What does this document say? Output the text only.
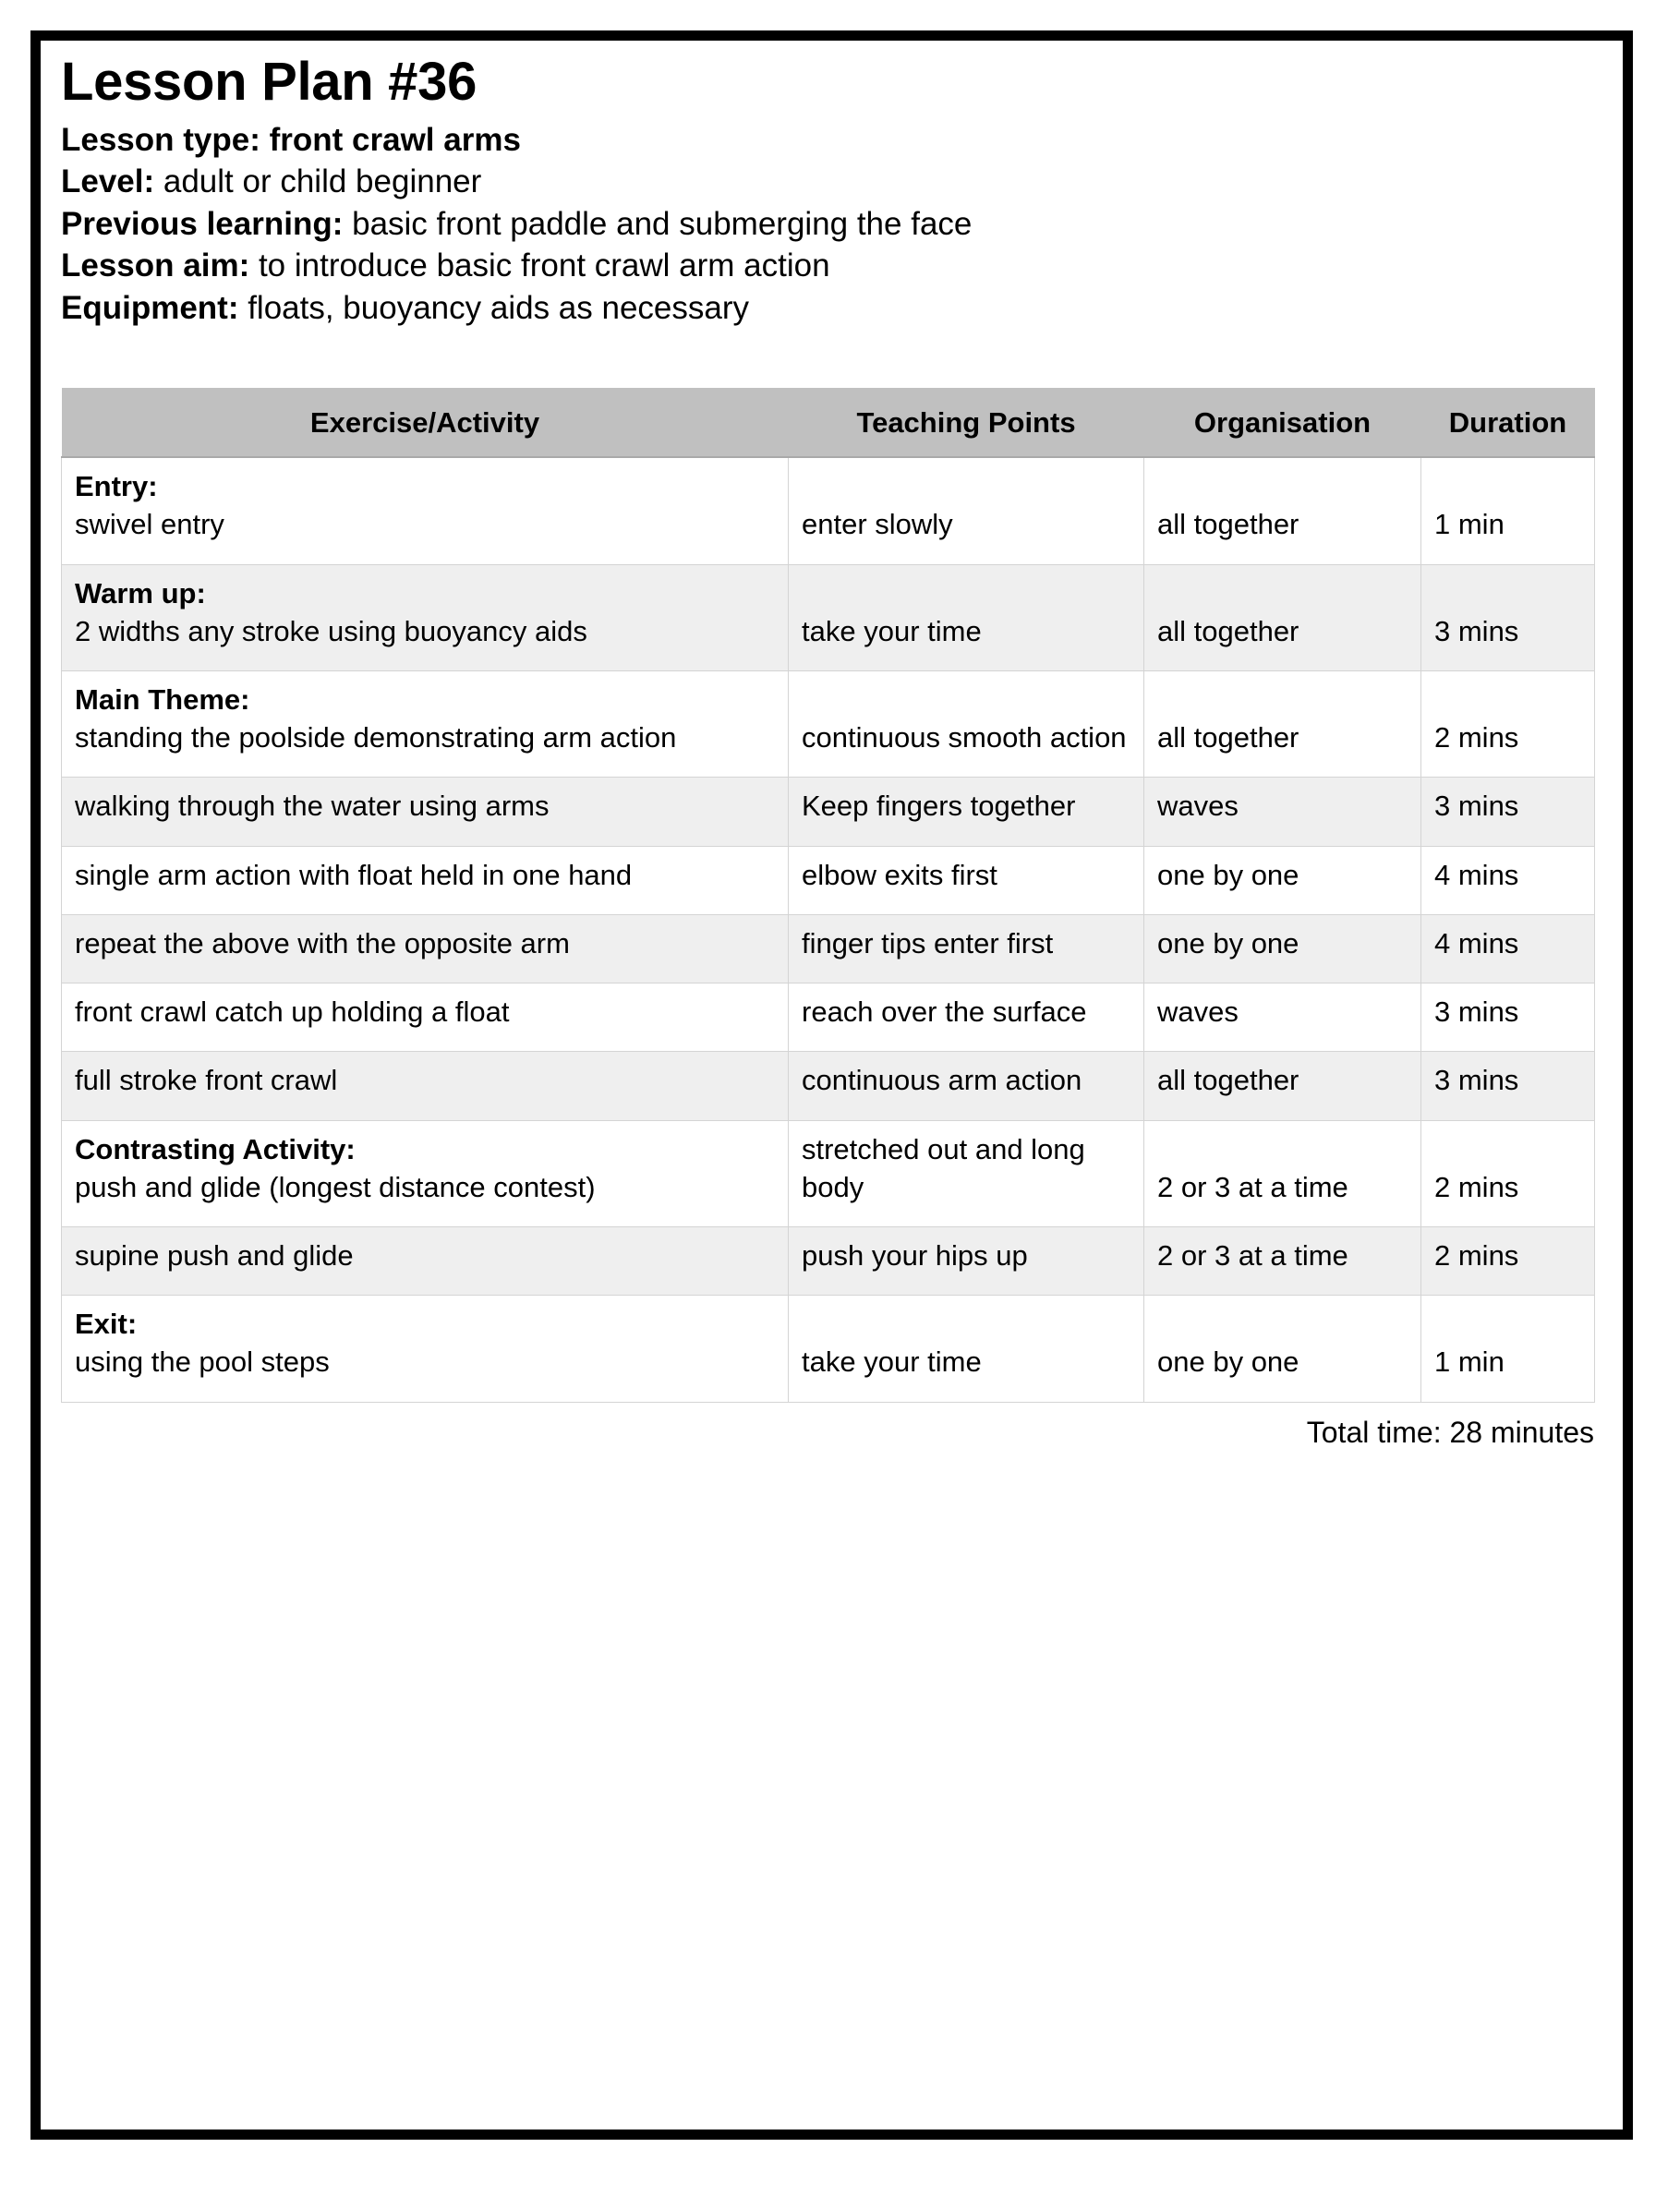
Lesson Plan #36
Lesson type: front crawl arms
Level: adult or child beginner
Previous learning: basic front paddle and submerging the face
Lesson aim: to introduce basic front crawl arm action
Equipment: floats, buoyancy aids as necessary
Exercise/Activity	Teaching Points	Organisation	Duration

Entry:
swivel entry	enter slowly	all together	1 min

Warm up:
2 widths any stroke using buoyancy aids	take your time	all together	3 mins

Main Theme:
standing the poolside demonstrating arm action	continuous smooth action	all together	2 mins

walking through the water using arms	Keep fingers together	waves	3 mins

single arm action with float held in one hand	elbow exits first	one by one	4 mins

repeat the above with the opposite arm	finger tips enter first	one by one	4 mins

front crawl catch up holding a float	reach over the surface	waves	3 mins

full stroke front crawl	continuous arm action	all together	3 mins

Contrasting Activity:
push and glide (longest distance contest)	stretched out and long body	2 or 3 at a time	2 mins

supine push and glide	push your hips up	2 or 3 at a time	2 mins

Exit:
using the pool steps	take your time	one by one	1 min
Total time: 28 minutes
